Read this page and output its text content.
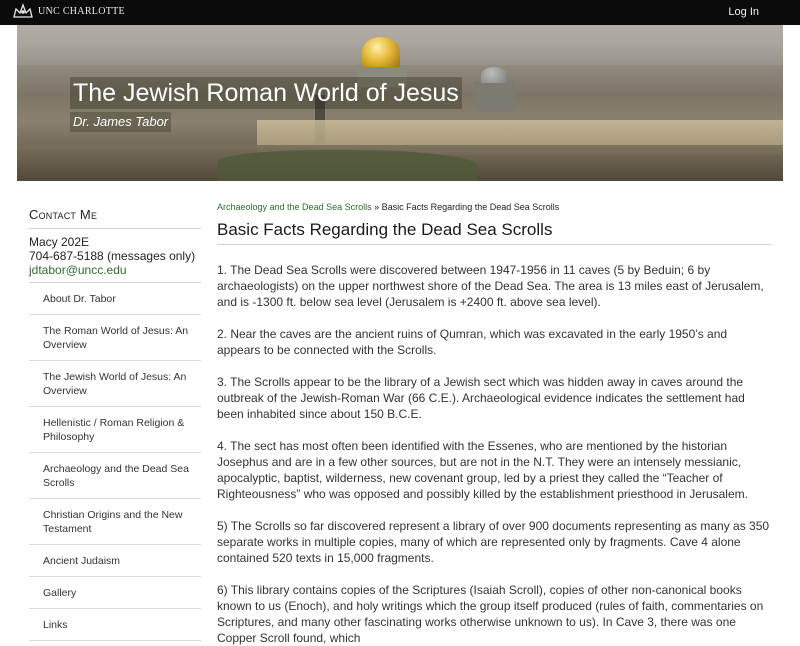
UNC CHARLOTTE	Log In
The Jewish Roman World of Jesus
Dr. James Tabor
Contact Me
Macy 202E
704-687-5188 (messages only)
jdtabor@uncc.edu
About Dr. Tabor
The Roman World of Jesus: An Overview
The Jewish World of Jesus: An Overview
Hellenistic / Roman Religion & Philosophy
Archaeology and the Dead Sea Scrolls
Christian Origins and the New Testament
Ancient Judaism
Gallery
Links
Archaeology and the Dead Sea Scrolls » Basic Facts Regarding the Dead Sea Scrolls
Basic Facts Regarding the Dead Sea Scrolls

1. The Dead Sea Scrolls were discovered between 1947-1956 in 11 caves (5 by Beduin; 6 by archaeologists) on the upper northwest shore of the Dead Sea. The area is 13 miles east of Jerusalem, and is -1300 ft. below sea level (Jerusalem is +2400 ft. above sea level).

2. Near the caves are the ancient ruins of Qumran, which was excavated in the early 1950’s and appears to be connected with the Scrolls.

3. The Scrolls appear to be the library of a Jewish sect which was hidden away in caves around the outbreak of the Jewish-Roman War (66 C.E.). Archaeological evidence indicates the settlement had been inhabited since about 150 B.C.E.

4. The sect has most often been identified with the Essenes, who are mentioned by the historian Josephus and are in a few other sources, but are not in the N.T. They were an intensely messianic, apocalyptic, baptist, wilderness, new covenant group, led by a priest they called the “Teacher of Righteousness” who was opposed and possibly killed by the establishment priesthood in Jerusalem.

5) The Scrolls so far discovered represent a library of over 900 documents representing as many as 350 separate works in multiple copies, many of which are represented only by fragments. Cave 4 alone contained 520 texts in 15,000 fragments.

6) This library contains copies of the Scriptures (Isaiah Scroll), copies of other non-canonical books known to us (Enoch), and holy writings which the group itself produced (rules of faith, commentaries on Scriptures, and many other fascinating works otherwise unknown to us). In Cave 3, there was one Copper Scroll found, which
